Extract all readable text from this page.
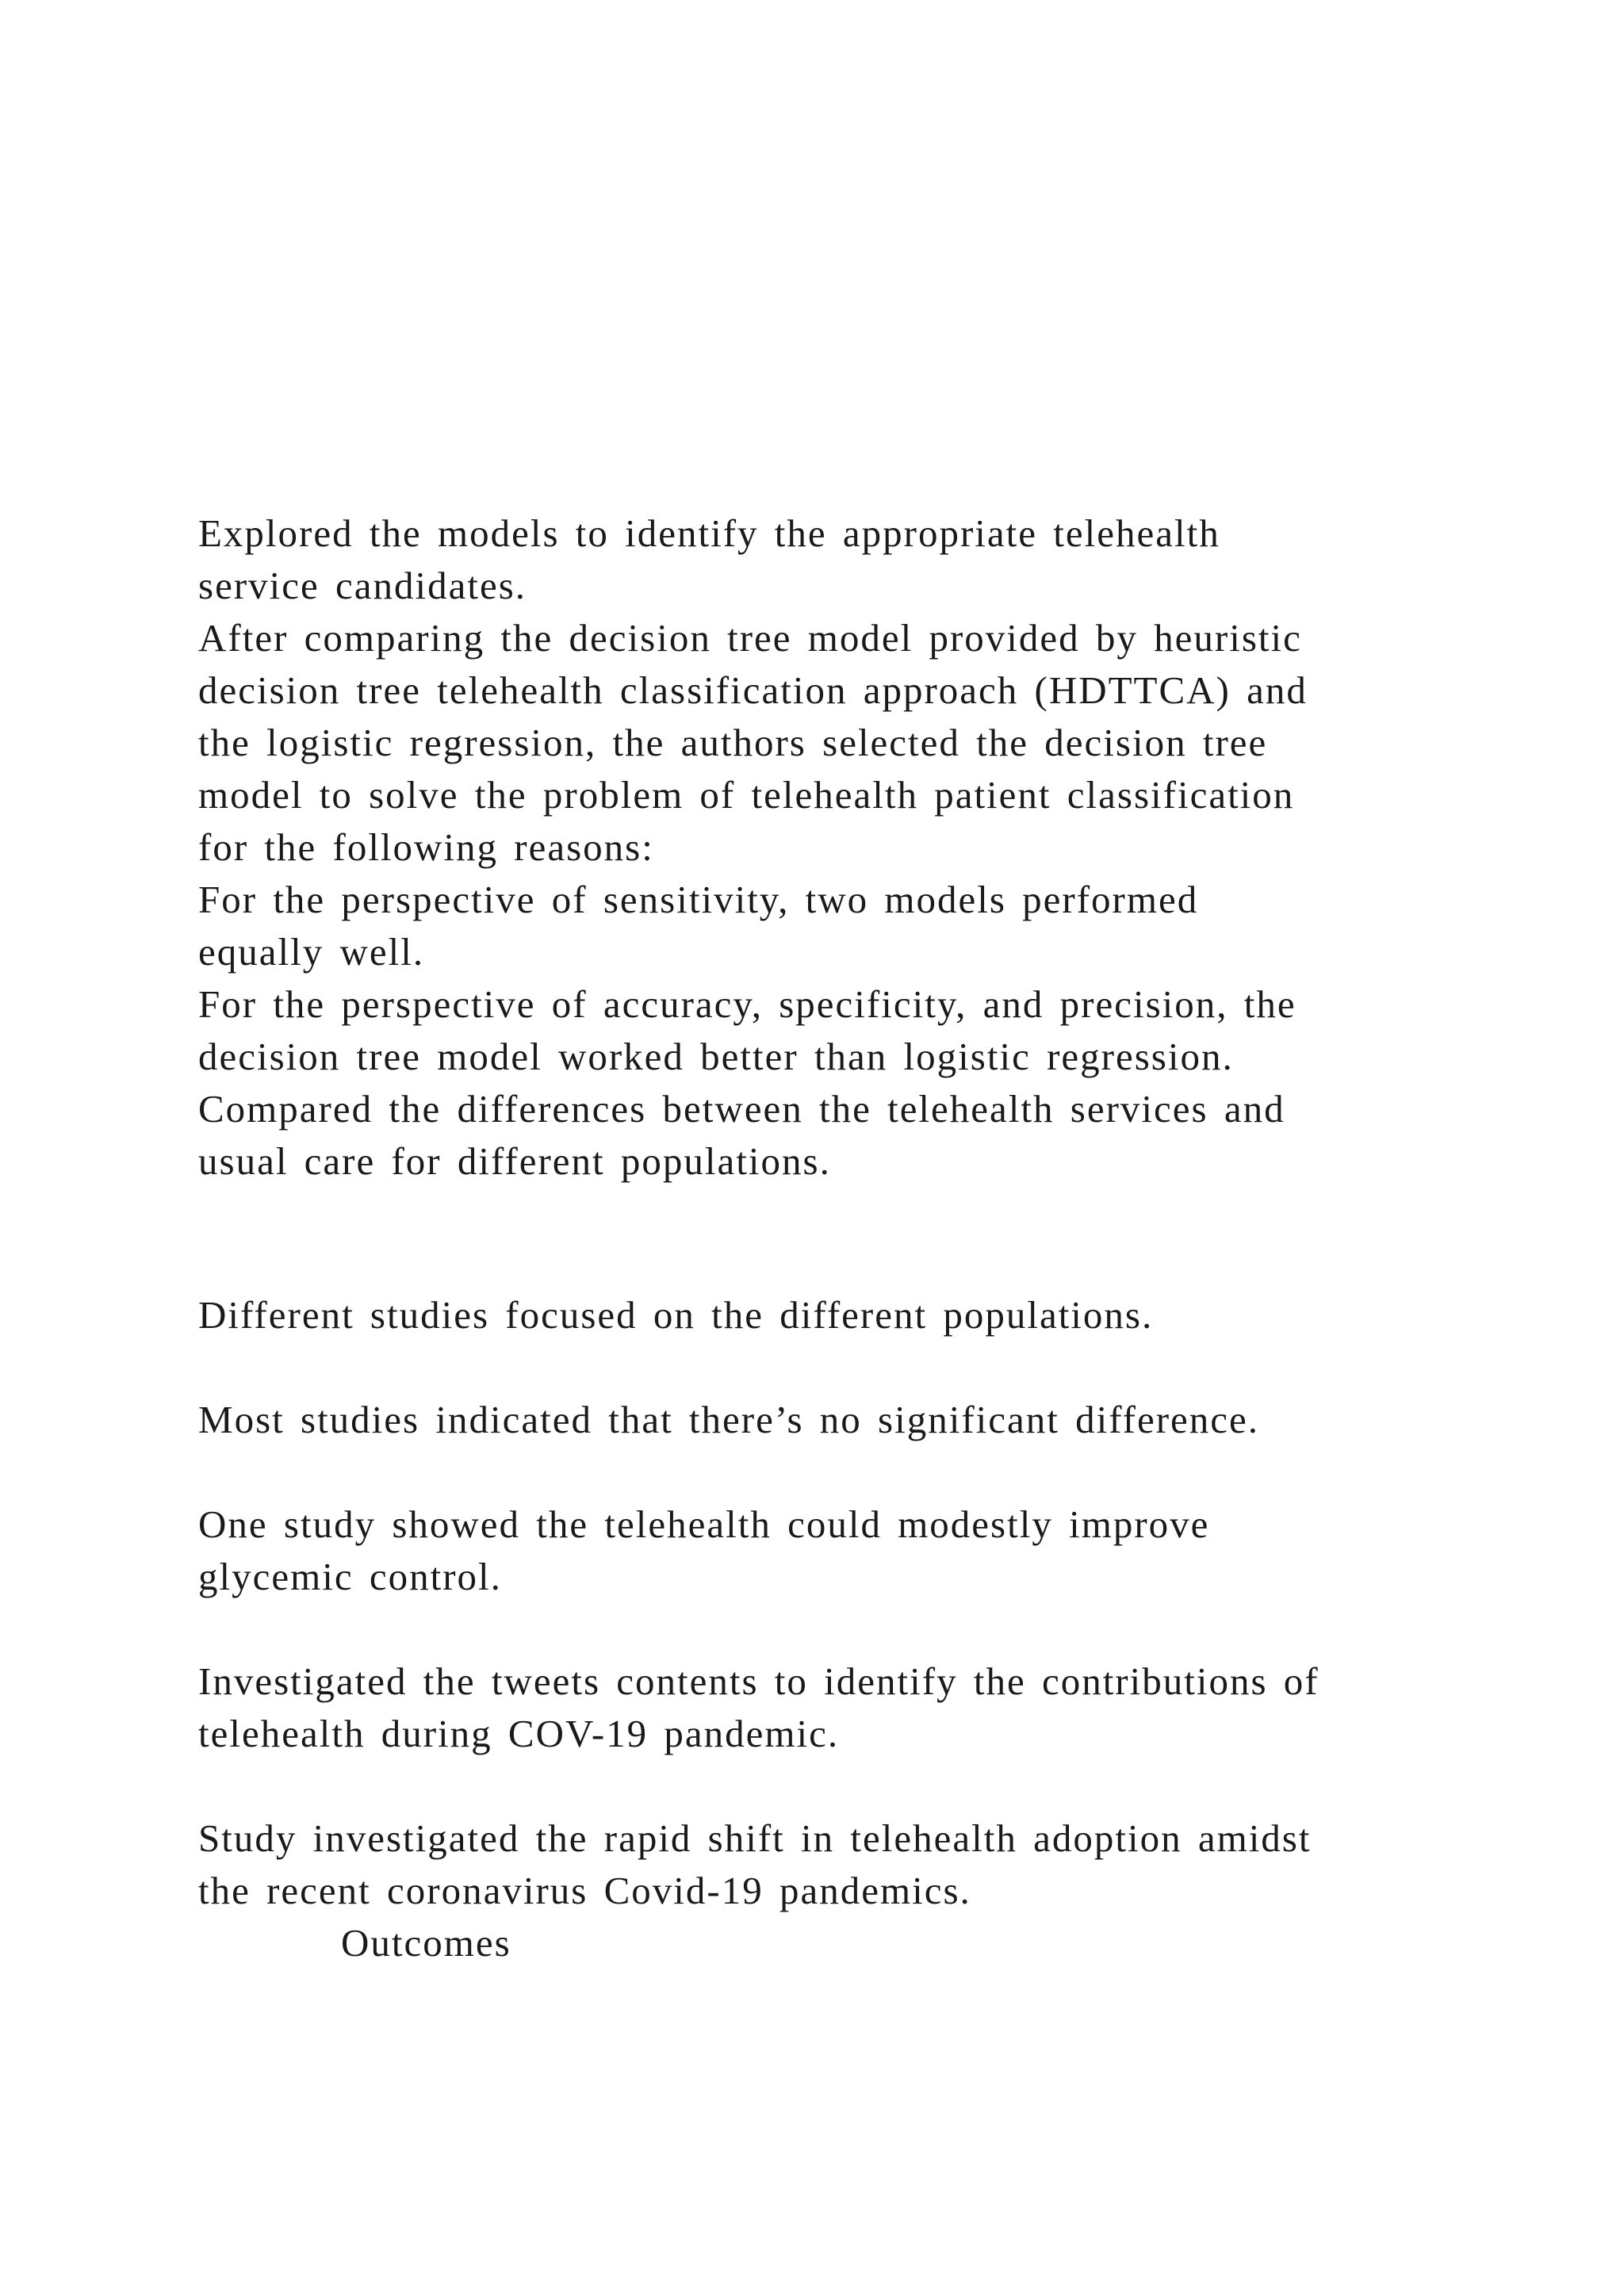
Explored the models to identify the appropriate telehealth
service candidates.
After comparing the decision tree model provided by heuristic
decision tree telehealth classification approach (HDTTCA) and
the logistic regression, the authors selected the decision tree
model to solve the problem of telehealth patient classification
for the following reasons:
For the perspective of sensitivity, two models performed
equally well.
For the perspective of accuracy, specificity, and precision, the
decision tree model worked better than logistic regression.
Compared the differences between the telehealth services and
usual care for different populations.
Different studies focused on the different populations.
Most studies indicated that there’s no significant difference.
One study showed the telehealth could modestly improve
glycemic control.
Investigated the tweets contents to identify the contributions of
telehealth during COV-19 pandemic.
Study investigated the rapid shift in telehealth adoption amidst
the recent coronavirus Covid-19 pandemics.
Outcomes
